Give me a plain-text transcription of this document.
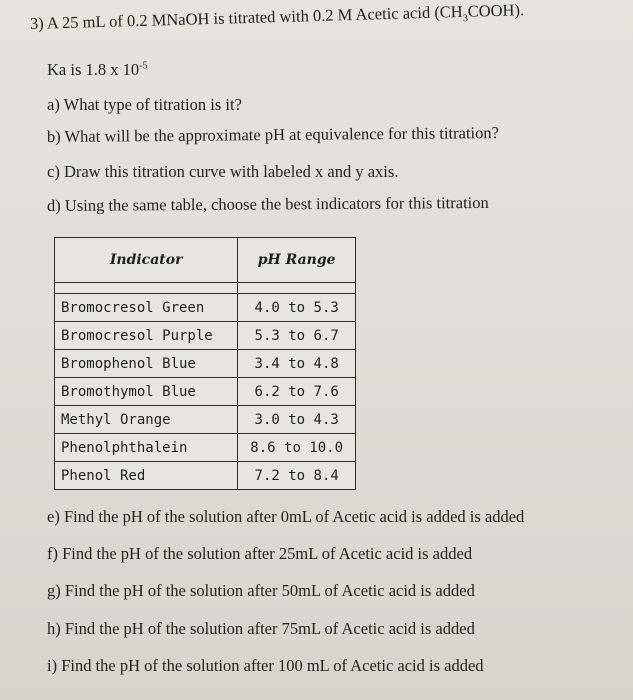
3) A 25 mL of 0.2 MNaOH is titrated with 0.2 M Acetic acid $(CH_3COOH)$.
Ka is 1.8 x $10^{-5}$
a) What type of titration is it?
b) What will be the approximate pH at equivalence for this titration?
c) Draw this titration curve with labeled x and y axis.
d) Using the same table, choose the best indicators for this titration
Indicator	pH Range

Bromocresol Green	4.0 to 5.3
Bromocresol Purple	5.3 to 6.7
Bromophenol Blue	3.4 to 4.8
Bromothymol Blue	6.2 to 7.6
Methyl Orange	3.0 to 4.3
Phenolphthalein	8.6 to 10.0
Phenol Red	7.2 to 8.4
e) Find the pH of the solution after 0mL of Acetic acid is added is added
f) Find the pH of the solution after 25mL of Acetic acid is added
g) Find the pH of the solution after 50mL of Acetic acid is added
h) Find the pH of the solution after 75mL of Acetic acid is added
i) Find the pH of the solution after 100 mL of Acetic acid is added
